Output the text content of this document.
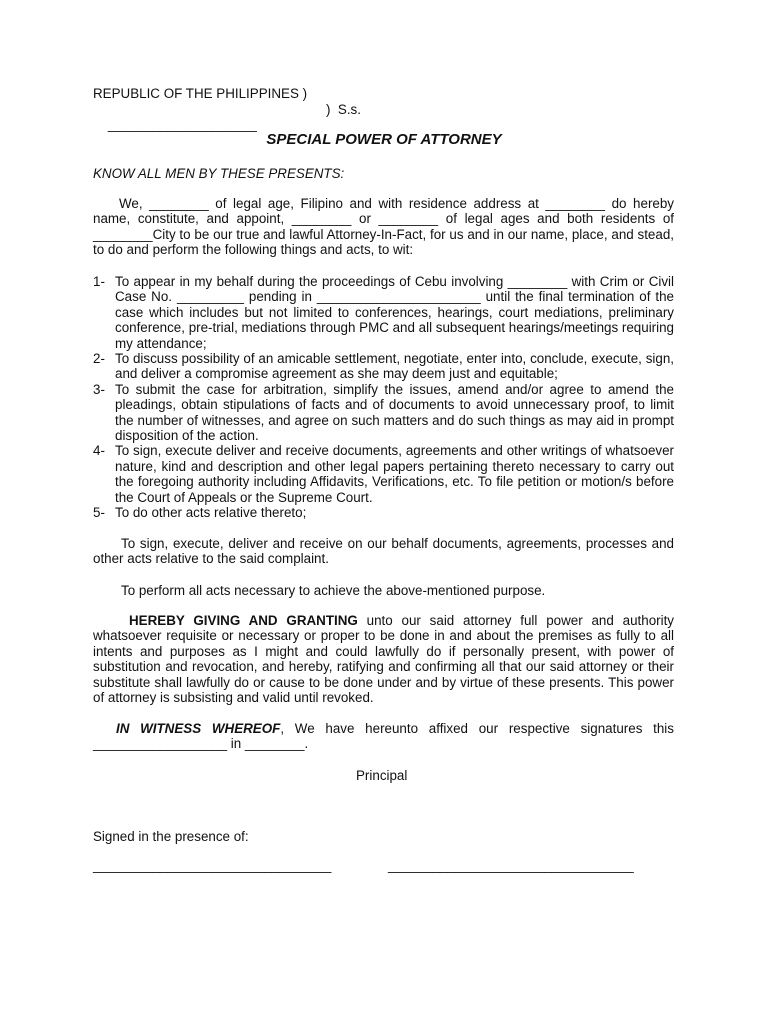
REPUBLIC OF THE PHILIPPINES )

____________________

)  S.s.

SPECIAL POWER OF ATTORNEY
KNOW ALL MEN BY THESE PRESENTS:
We, ________ of legal age, Filipino and with residence address at ________ do hereby name, constitute, and appoint, ________ or ________ of legal ages and both residents of ________City to be our true and lawful Attorney-In-Fact, for us and in our name, place, and stead, to do and perform the following things and acts, to wit:
1- To appear in my behalf during the proceedings of Cebu involving ________ with Crim or Civil Case No. _________ pending in ______________________ until the final termination of the case which includes but not limited to conferences, hearings, court mediations, preliminary conference, pre-trial, mediations through PMC and all subsequent hearings/meetings requiring my attendance;
2- To discuss possibility of an amicable settlement, negotiate, enter into, conclude, execute, sign, and deliver a compromise agreement as she may deem just and equitable;
3- To submit the case for arbitration, simplify the issues, amend and/or agree to amend the pleadings, obtain stipulations of facts and of documents to avoid unnecessary proof, to limit the number of witnesses, and agree on such matters and do such things as may aid in prompt disposition of the action.
4- To sign, execute deliver and receive documents, agreements and other writings of whatsoever nature, kind and description and other legal papers pertaining thereto necessary to carry out the foregoing authority including Affidavits, Verifications, etc. To file petition or motion/s before the Court of Appeals or the Supreme Court.
5- To do other acts relative thereto;
To sign, execute, deliver and receive on our behalf documents, agreements, processes and other acts relative to the said complaint.
To perform all acts necessary to achieve the above-mentioned purpose.
HEREBY GIVING AND GRANTING unto our said attorney full power and authority whatsoever requisite or necessary or proper to be done in and about the premises as fully to all intents and purposes as I might and could lawfully do if personally present, with power of substitution and revocation, and hereby, ratifying and confirming all that our said attorney or their substitute shall lawfully do or cause to be done under and by virtue of these presents. This power of attorney is subsisting and valid until revoked.
IN WITNESS WHEREOF, We have hereunto affixed our respective signatures this __________________ in ________.
Principal
Signed in the presence of:
________________________________	_________________________________
